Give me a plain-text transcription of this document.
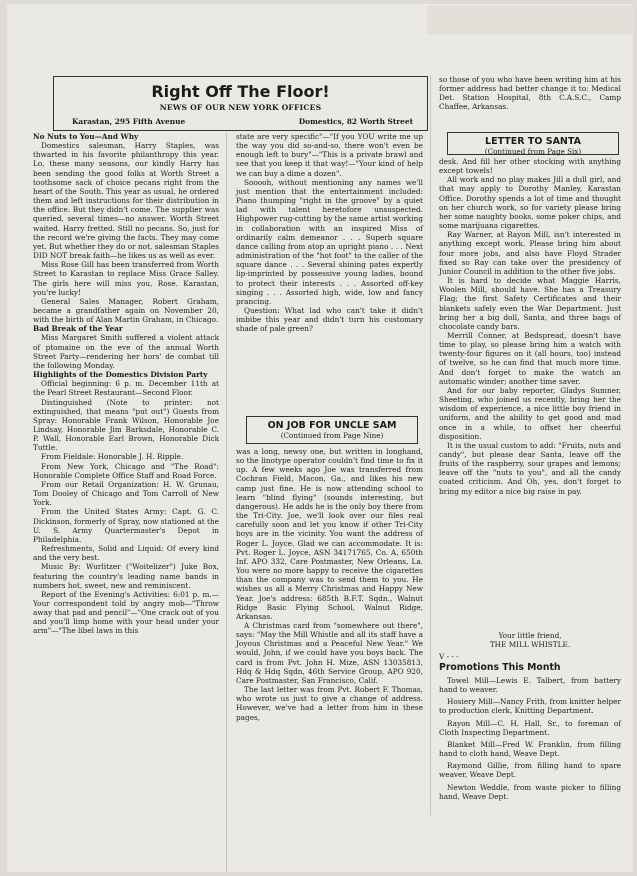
Right Off The Floor!
NEWS OF OUR NEW YORK OFFICES
Karastan, 295 Fifth Avenue	Domestics, 82 Worth Street

No Nuts to You—And Why

Domestics salesman, Harry Staples, was thwarted in his favorite philanthropy this year. Lo, these many seasons, our kindly Harry has been sending the good folks at Worth Street a toothsome sack of choice pecans right from the heart of the South. This year as usual, he ordered them and left instructions for their distribution in the office. But they didn't come. The supplier was queried, several times—no answer. Worth Street waited. Harry fretted. Still no pecans. So, just for the record we're giving the facts. They may come yet. But whether they do or not, salesman Staples DID NOT break faith—he likes us as well as ever.

Miss Rose Gill has been transferred from Worth Street to Karastan to replace Miss Grace Salley. The girls here will miss you, Rose. Karastan, you're lucky!

General Sales Manager, Robert Graham, became a grandfather again on November 20, with the birth of Alan Martin Graham, in Chicago.

Bad Break of the Year

Miss Margaret Smith suffered a violent attack of ptomaine on the eve of the annual Worth Street Party—rendering her hors' de combat till the following Monday.

Highlights of the Domestics Division Party

Official beginning: 6 p. m. December 11th at the Pearl Street Restaurant—Second Floor.

Distinguished (Note to printer: not extinguished, that means "put out") Guests from Spray: Honorable Frank Wilson, Honorable Joe Lindsay, Honorable Jim Barksdale, Honorable C. P. Wall, Honorable Earl Brown, Honorable Dick Tuttle.

From Fieldale: Honorable J. H. Ripple.

From New York, Chicago and "The Road": Honorable Complete Office Staff and Road Force.

From our Retail Organization: H. W. Grunau, Tom Dooley of Chicago and Tom Carroll of New York.

From the United States Army: Capt. G. C. Dickinson, formerly of Spray, now stationed at the U. S. Army Quartermaster's Depot in Philadelphia.

Refreshments, Solid and Liquid: Of every kind and the very best.

Music By: Wurlitzer ("Woitelizer") Juke Box, featuring the country's leading name bands in numbers hot, sweet, new and reminiscent.

Report of the Evening's Activities: 6:01 p. m.—Your correspondent told by angry mob—"Throw away that pad and pencil"—"One crack out of you and you'll limp home with your head under your arm"—"The libel laws in this

state are very specific"—"If you YOU write me up the way you did so-and-so, there won't even be enough left to bury"—"This is a private brawl and see that you keep it that way!—"Your kind of help we can buy a dime a dozen".

Sooooh, without mentioning any names we'll just mention that the entertainment included: Piano thumping "right in the groove" by a quiet lad with talent heretofore unsuspected. Highpower rug-cutting by the same artist working in collaboration with an inspired Miss of ordinarily calm demeanor . . . Superb square dance calling from atop an upright piano . . . Next administration of the "hot foot" to the caller of the square dance . . . Several shining pates expertly lip-imprinted by possessive young ladies, bound to protect their interests . . . Assorted off-key singing . . . Assorted high, wide, low and fancy prancing.

Question: What lad who can't take it didn't imbibe this year and didn't turn his customary shade of pale green?

ON JOB FOR UNCLE SAM
(Continued from Page Nine)

was a long, newsy one, but written in longhand, so the linotype operator couldn't find time to fix it up. A few weeks ago Joe was transferred from Cochran Field, Macon, Ga., and likes his new camp just fine. He is now attending school to learn "blind flying" (sounds interesting, but dangerous). He adds he is the only boy there from the Tri-City. Joe, we'll look over our files real carefully soon and let you know if other Tri-City boys are in the vicinity. You want the address of Roger L. Joyce. Glad we can accommodate. It is: Pvt. Roger L. Joyce, ASN 34171765, Co. A, 650th Inf. APO 332, Care Postmaster, New Orleans, La. You were no more happy to receive the cigarettes than the company was to send them to you. He wishes us all a Merry Christmas and Happy New Year. Joe's address: 685th B.F.T. Sqdn., Walnut Ridge Basic Flying School, Walnut Ridge, Arkansas.

A Christmas card from "somewhere out there", says: "May the Mill Whistle and all its staff have a Joyous Christmas and a Peaceful New Year." We would, John, if we could have you boys back. The card is from Pvt. John H. Mize, ASN 13035813, Hdq & Hdq Sqdn, 46th Service Group, APO 920, Care Postmaster, San Francisco, Calif.

The last letter was from Pvt. Robert F. Thomas, who wrote us just to give a change of address. However, we've had a letter from him in these pages,

so those of you who have been writing him at his former address had better change it to: Medical Det. Station Hospital, 8th C.A.S.C., Camp Chaffee, Arkansas.

LETTER TO SANTA
(Continued from Page Six)

desk. And fill her other stocking with anything except towels!

All work and no play makes Jill a dull girl, and that may apply to Dorothy Manley, Karastan Office. Dorothy spends a lot of time and thought on her church work, so for variety please bring her some naughty books, some poker chips, and some marijuana cigarettes.

Ray Warner, at Rayon Mill, isn't interested in anything except work. Please bring him about four more jobs, and also have Floyd Strader fixed so Ray can take over the presidency of Junior Council in addition to the other five jobs.

It is hard to decide what Maggie Harris, Woolen Mill, should have. She has a Treasury Flag; the first Safety Certificates and their blankets safely even the War Department. Just bring her a big doll, Santa, and three bags of chocolate candy bars.

Merrill Conner, at Bedspread, doesn't have time to play, so please bring him a watch with twenty-four figures on it (all hours, too) instead of twelve, so he can find that much more time. And don't forget to make the watch an automatic winder; another time saver.

And for our baby reporter, Gladys Sumner, Sheeting, who joined us recently, bring her the wisdom of experience, a nice little boy friend in uniform, and the ability to get good and mad once in a while, to offset her cheerful disposition.

It is the usual custom to add: "Fruits, nuts and candy", but please dear Santa, leave off the fruits of the raspberry, sour grapes and lemons; leave off the "nuts to you", and all the candy coated criticism. And Oh, yes, don't forget to bring my editor a nice big raise in pay.

Your little friend,

THE MILL WHISTLE.

V - - -

Promotions This Month

Towel Mill—Lewis E. Talbert, from battery hand to weaver.

Hosiery Mill—Nancy Frith, from knitter helper to production clerk, Knitting Department.

Rayon Mill—C. H. Hall, Sr., to foreman of Cloth Inspecting Department.

Blanket Mill—Fred W. Franklin, from filling hand to cloth hand, Weave Dept.

Raymond Gillie, from filling hand to spare weaver, Weave Dept.

Newton Weddle, from waste picker to filling hand, Weave Dept.
